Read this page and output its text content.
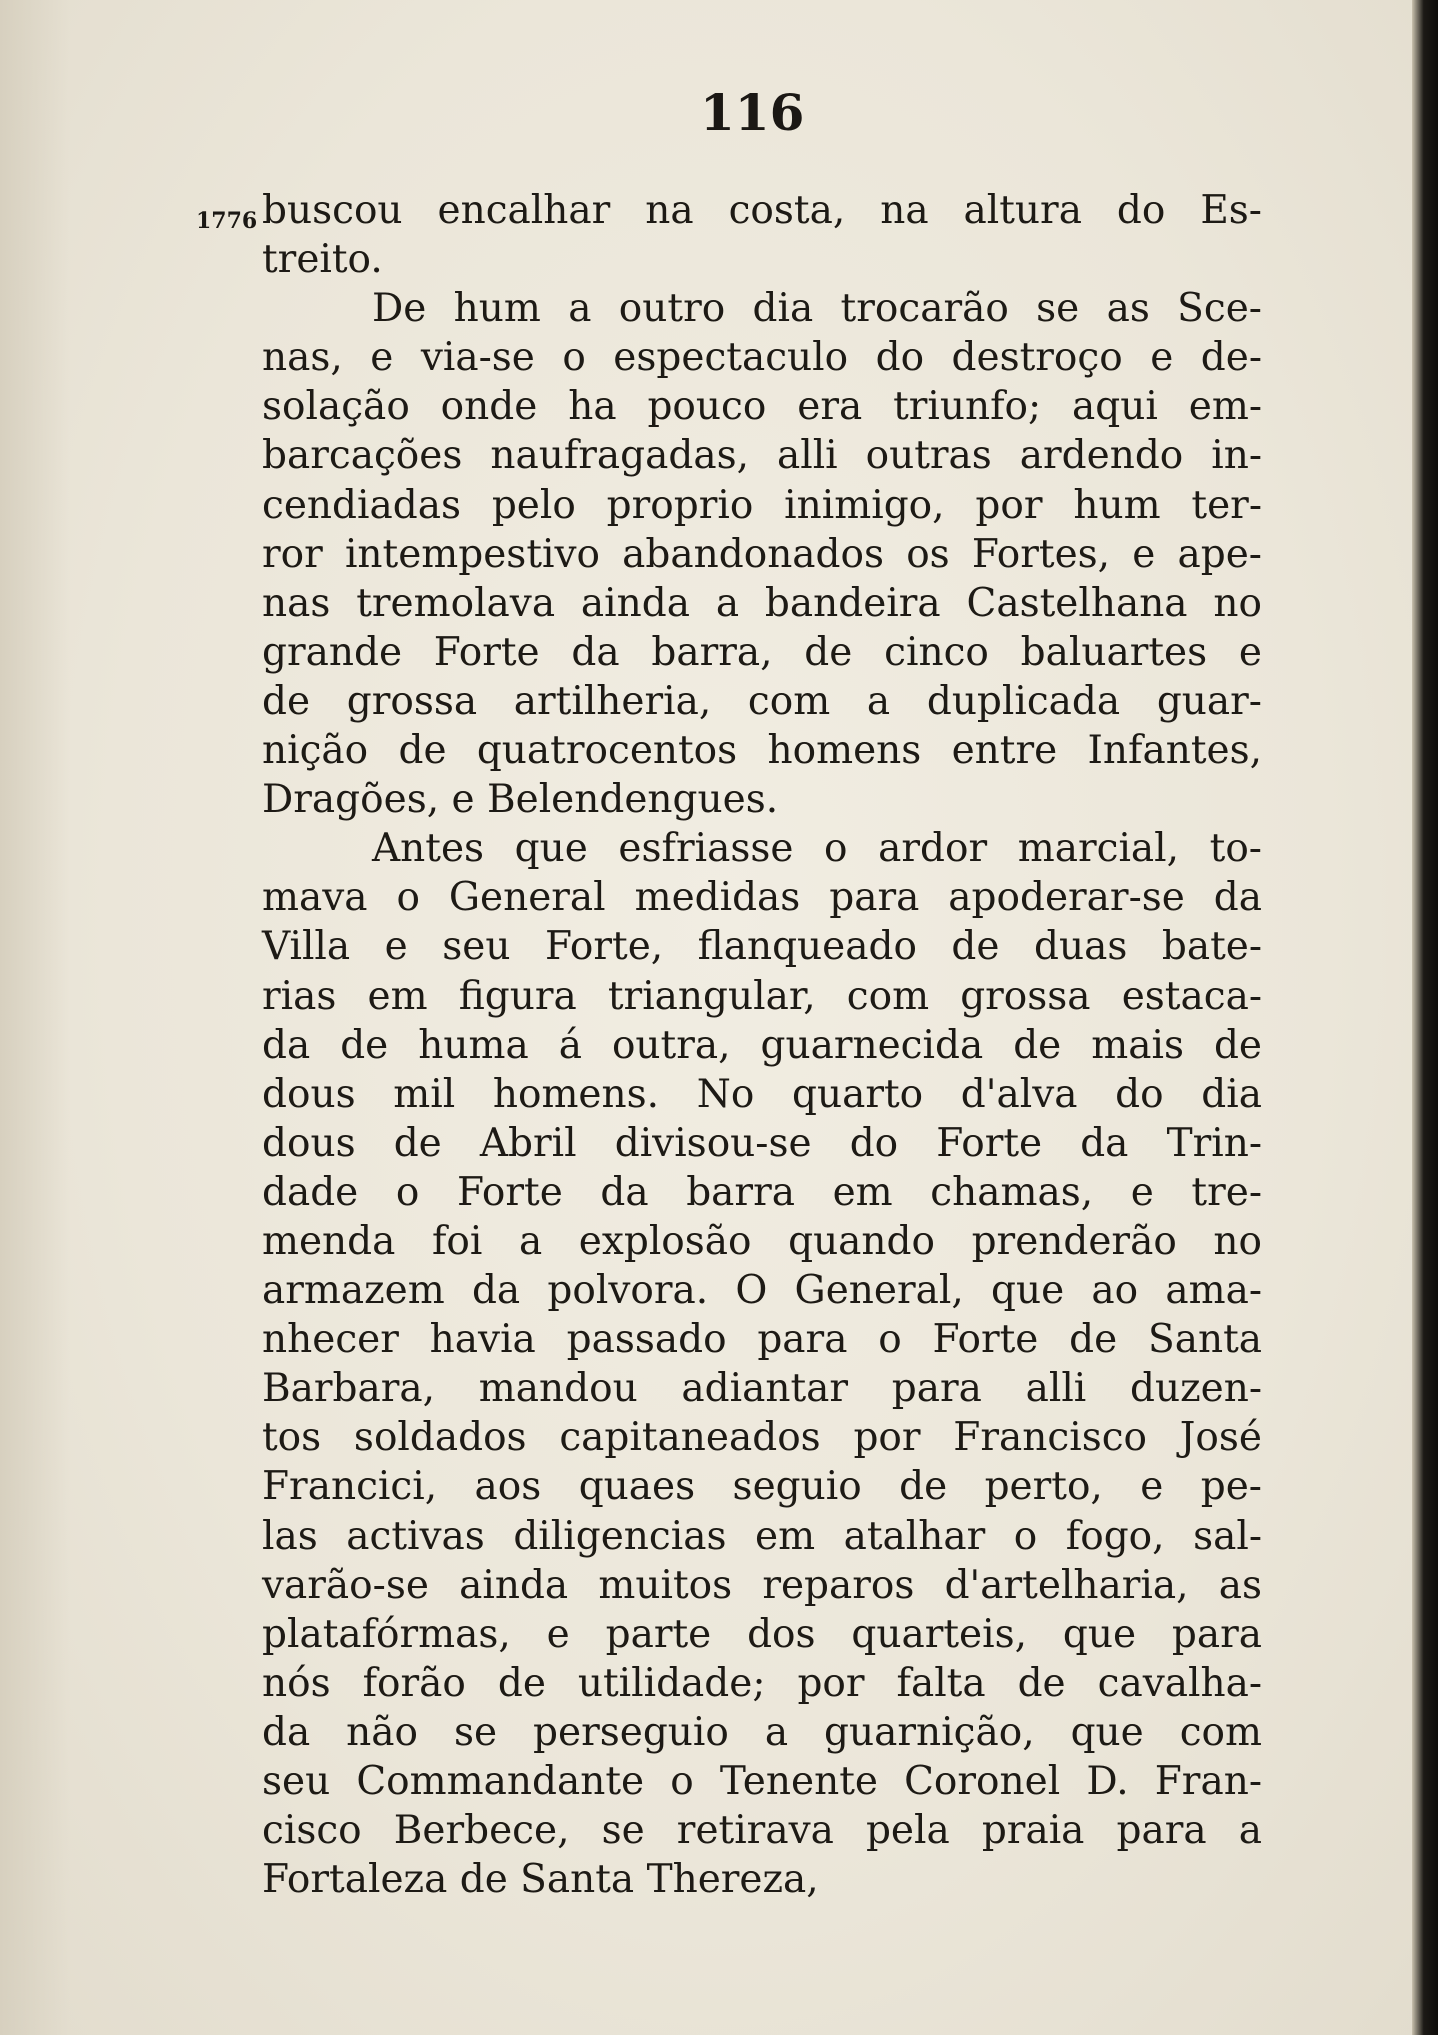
116
1776 buscou encalhar na costa, na altura do Es-
treito.
De hum a outro dia trocarão se as Sce-
nas, e via-se o espectaculo do destroço e de-
solação onde ha pouco era triunfo; aqui em-
barcações naufragadas, alli outras ardendo in-
cendiadas pelo proprio inimigo, por hum ter-
ror intempestivo abandonados os Fortes, e ape-
nas tremolava ainda a bandeira Castelhana no
grande Forte da barra, de cinco baluartes e
de grossa artilheria, com a duplicada guar-
nição de quatrocentos homens entre Infantes,
Dragões, e Belendengues.
Antes que esfriasse o ardor marcial, to-
mava o General medidas para apoderar-se da
Villa e seu Forte, flanqueado de duas bate-
rias em figura triangular, com grossa estaca-
da de huma á outra, guarnecida de mais de
dous mil homens. No quarto d'alva do dia
dous de Abril divisou-se do Forte da Trin-
dade o Forte da barra em chamas, e tre-
menda foi a explosão quando prenderão no
armazem da polvora. O General, que ao ama-
nhecer havia passado para o Forte de Santa
Barbara, mandou adiantar para alli duzen-
tos soldados capitaneados por Francisco José
Francici, aos quaes seguio de perto, e pe-
las activas diligencias em atalhar o fogo, sal-
varão-se ainda muitos reparos d'artelharia, as
platafórmas, e parte dos quarteis, que para
nós forão de utilidade; por falta de cavalha-
da não se perseguio a guarnição, que com
seu Commandante o Tenente Coronel D. Fran-
cisco Berbece, se retirava pela praia para a
Fortaleza de Santa Thereza,
